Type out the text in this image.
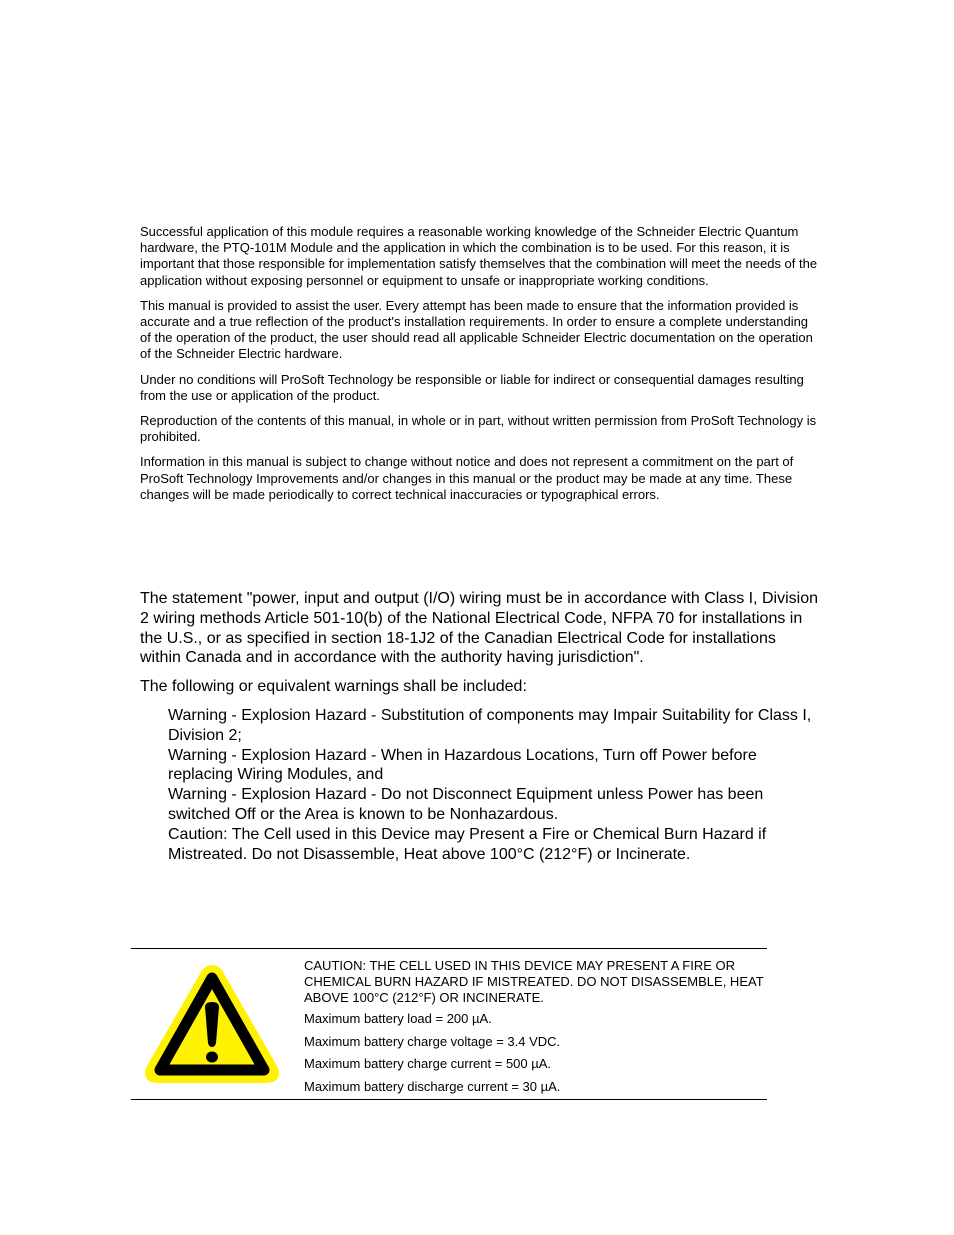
Successful application of this module requires a reasonable working knowledge of the Schneider Electric Quantum hardware, the PTQ-101M Module and the application in which the combination is to be used. For this reason, it is important that those responsible for implementation satisfy themselves that the combination will meet the needs of the application without exposing personnel or equipment to unsafe or inappropriate working conditions.

This manual is provided to assist the user. Every attempt has been made to ensure that the information provided is accurate and a true reflection of the product's installation requirements. In order to ensure a complete understanding of the operation of the product, the user should read all applicable Schneider Electric documentation on the operation of the Schneider Electric hardware.

Under no conditions will ProSoft Technology be responsible or liable for indirect or consequential damages resulting from the use or application of the product.

Reproduction of the contents of this manual, in whole or in part, without written permission from ProSoft Technology is prohibited.

Information in this manual is subject to change without notice and does not represent a commitment on the part of ProSoft Technology Improvements and/or changes in this manual or the product may be made at any time. These changes will be made periodically to correct technical inaccuracies or typographical errors.

The statement "power, input and output (I/O) wiring must be in accordance with Class I, Division 2 wiring methods Article 501-10(b) of the National Electrical Code, NFPA 70 for installations in the U.S., or as specified in section 18-1J2 of the Canadian Electrical Code for installations within Canada and in accordance with the authority having jurisdiction".

The following or equivalent warnings shall be included:

Warning - Explosion Hazard - Substitution of components may Impair Suitability for Class I, Division 2;
Warning - Explosion Hazard - When in Hazardous Locations, Turn off Power before replacing Wiring Modules, and
Warning - Explosion Hazard - Do not Disconnect Equipment unless Power has been switched Off or the Area is known to be Nonhazardous.
Caution: The Cell used in this Device may Present a Fire or Chemical Burn Hazard if Mistreated. Do not Disassemble, Heat above 100°C (212°F) or Incinerate.

CAUTION: THE CELL USED IN THIS DEVICE MAY PRESENT A FIRE OR CHEMICAL BURN HAZARD IF MISTREATED. DO NOT DISASSEMBLE, HEAT ABOVE 100°C (212°F) OR INCINERATE.

Maximum battery load = 200 µA.

Maximum battery charge voltage = 3.4 VDC.

Maximum battery charge current = 500 µA.

Maximum battery discharge current = 30 µA.
